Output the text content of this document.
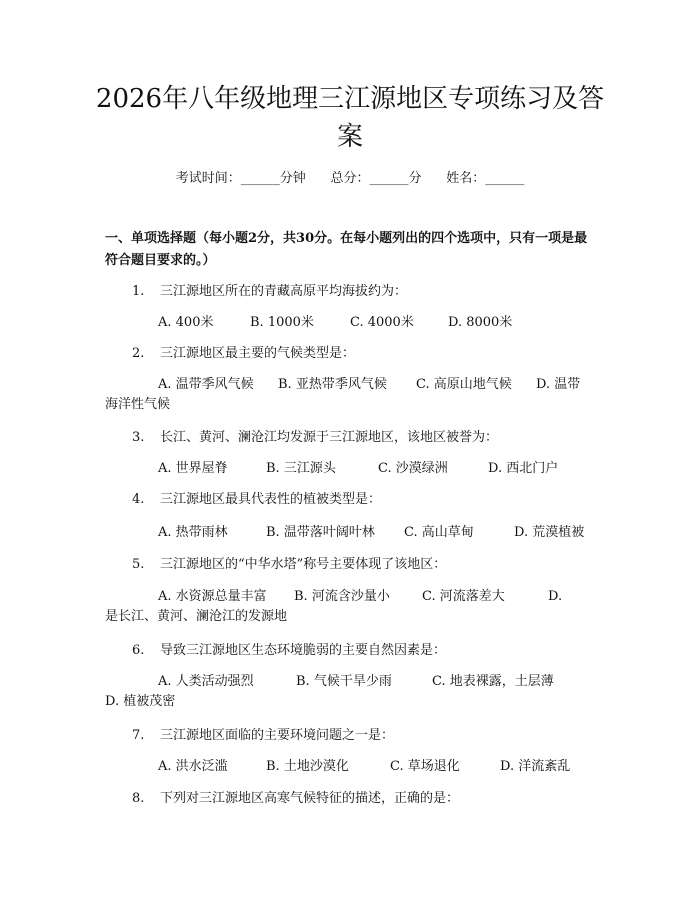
2026年八年级地理三江源地区专项练习及答案
考试时间：______分钟      总分：______分      姓名：______

一、单项选择题（每小题2分，共30分。在每小题列出的四个选项中，只有一项是最符合题目要求的。）

1. 三江源地区所在的青藏高原平均海拔约为：
A. 400米	B. 1000米	C. 4000米	D. 8000米
2. 三江源地区最主要的气候类型是：
A. 温带季风气候	B. 亚热带季风气候	C. 高原山地气候	D. 温带
海洋性气候
3. 长江、黄河、澜沧江均发源于三江源地区，该地区被誉为：
A. 世界屋脊	B. 三江源头	C. 沙漠绿洲	D. 西北门户
4. 三江源地区最具代表性的植被类型是：
A. 热带雨林	B. 温带落叶阔叶林	C. 高山草甸	D. 荒漠植被
5. 三江源地区的“中华水塔”称号主要体现了该地区：
A. 水资源总量丰富	B. 河流含沙量小	C. 河流落差大	D.
是长江、黄河、澜沧江的发源地
6. 导致三江源地区生态环境脆弱的主要自然因素是：
A. 人类活动强烈	B. 气候干旱少雨	C. 地表裸露，土层薄
D. 植被茂密
7. 三江源地区面临的主要环境问题之一是：
A. 洪水泛滥	B. 土地沙漠化	C. 草场退化	D. 洋流紊乱
8. 下列对三江源地区高寒气候特征的描述，正确的是：
